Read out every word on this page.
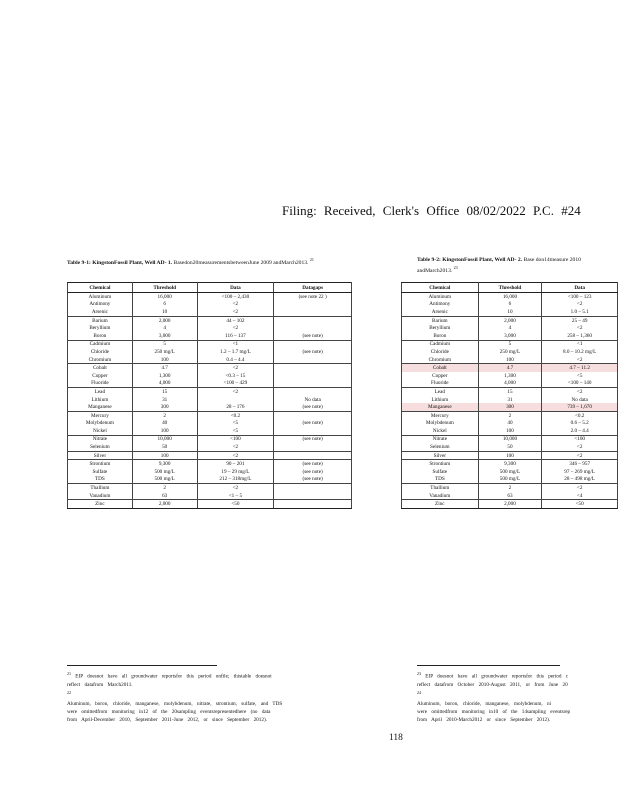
Filing: Received, Clerk's Office 08/02/2022 P.C. #24
Table 9-1: KingstonFossil Plant, Well AD- 1. Basedon20measurementsbetweenJune 2009 andMarch2013. $^{21}$	Table 9-2: KingstonFossil Plant, Well AD- 2. Base don14measure 2010 andMarch2013. $^{23}$
Chemical	Threshold	Data	Datagaps
Aluminum	16,000	<100 – 2,430	(see note 22 )
Antimony	6	<2	
Arsenic	10	<2	
Barium	2,000	44 – 102	
Beryllium	4	<2	
Boron	3,000	116 – 137	(see note)
Cadmium	5	<1	
Chloride	250 mg/L	1.2 – 1.7 mg/L	(see note)
Chromium	100	0.4 – 4.4	
Cobalt	4.7	<2	
Copper	1,300	<0.3 – 15	
Fluoride	4,000	<100 – 429	
Lead	15	<2	
Lithium	31		No data
Manganese	300	28 – 176	(see note)
Mercury	2	<0.2	
Molybdenum	40	<5	(see note)
Nickel	100	<5	
Nitrate	10,000	<100	(see note)
Selenium	50	<2	
Silver	100	<2	
Strontium	9,300	90 – 201	(see note)
Sulfate	500 mg/L	19 – 29 mg/L	(see note)
TDS	500 mg/L	212 – 318mg/L	(see note)
Thallium	2	<2	
Vanadium	63	<1 – 5	
Zinc	2,000	<50	
Chemical	Threshold	Data
Aluminum	16,000	<100 – 123
Antimony	6	<2
Arsenic	10	1.0 – 5.1
Barium	2,000	25 – 49
Beryllium	4	<2
Boron	3,000	258 – 1,360
Cadmium	5	<1
Chloride	250 mg/L	8.0 – 10.2 mg/L
Chromium	100	<2
Cobalt	4.7	4.7 – 11.2
Copper	1,300	<5
Fluoride	4,000	<100 – 140
Lead	15	<2
Lithium	31	No data
Manganese	300	739 – 1,670
Mercury	2	<0.2
Molybdenum	40	0.6 – 5.2
Nickel	100	2.0 – 4.4
Nitrate	10,000	<100
Selenium	50	<2
Silver	100	<2
Strontium	9,300	346 – 957
Sulfate	500 mg/L	97 – 269 mg/L
TDS	500 mg/L	28 – 498 mg/L
Thallium	2	<2
Vanadium	63	<4
Zinc	2,000	<50
$^{21}$ EIP doesnot have all groundwater reportsfor this period onfile; thistable doesnot
reflect datafrom March2011.
$^{22}$
Aluminum, boron, chloride, manganese, molybdenum, nitrate, strontium, sulfate, and TDS
were omittedfrom monitoring in12 of the 20sampling eventsrepresentedhere (no data
from April-December 2010, September 2011-June 2012, or since September 2012).
$^{23}$ EIP doesnot have all groundwater reportsfor this period c
reflect datafrom October 2010-August 2011, or from June 20
$^{24}$
Aluminum, boron, chloride, manganese, molybdenum, ni
were omittedfrom monitoring in10 of the 14sampling eventsrep
from April 2010-March2012 or since September 2012).
118
